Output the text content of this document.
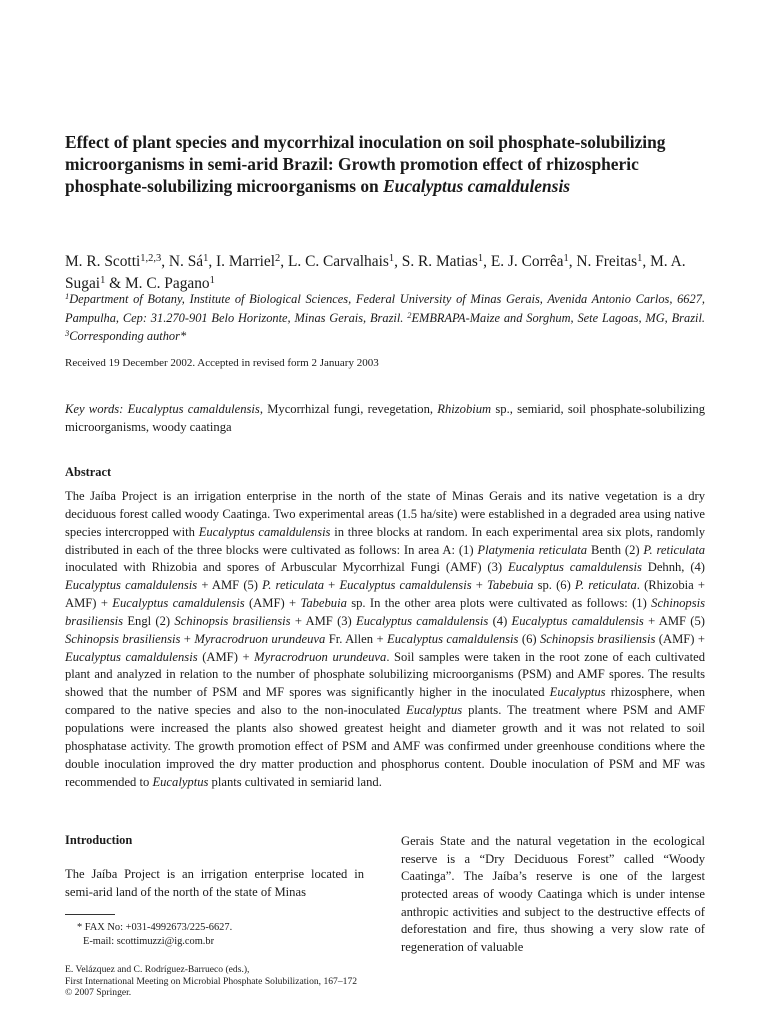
Effect of plant species and mycorrhizal inoculation on soil phosphate-solubilizing microorganisms in semi-arid Brazil: Growth promotion effect of rhizospheric phosphate-solubilizing microorganisms on Eucalyptus camaldulensis
M. R. Scotti$^{1,2,3}$, N. $Sá^1$, I. Marriel$^2$, L. C. Carvalhais$^1$, S. R. Matias$^1$, E. J. Corrêa$^1$, N. Freitas$^1$, M. A. Sugai$^1$ & M. C. Pagano$^1$
$^1$Department of Botany, Institute of Biological Sciences, Federal University of Minas Gerais, Avenida Antonio Carlos, 6627, Pampulha, Cep: 31.270-901 Belo Horizonte, Minas Gerais, Brazil. $^2$EMBRAPA-Maize and Sorghum, Sete Lagoas, MG, Brazil. $^3$Corresponding author*
Received 19 December 2002. Accepted in revised form 2 January 2003
Key words: Eucalyptus camaldulensis, Mycorrhizal fungi, revegetation, Rhizobium sp., semiarid, soil phosphate-solubilizing microorganisms, woody caatinga
Abstract

The Jaíba Project is an irrigation enterprise in the north of the state of Minas Gerais and its native vegetation is a dry deciduous forest called woody Caatinga. Two experimental areas (1.5 ha/site) were established in a degraded area using native species intercropped with Eucalyptus camaldulensis in three blocks at random. In each experimental area six plots, randomly distributed in each of the three blocks were cultivated as follows: In area A: (1) Platymenia reticulata Benth (2) P. reticulata inoculated with Rhizobia and spores of Arbuscular Mycorrhizal Fungi (AMF) (3) Eucalyptus camaldulensis Dehnh, (4) Eucalyptus camaldulensis + AMF (5) P. reticulata + Eucalyptus camaldulensis + Tabebuia sp. (6) P. reticulata. (Rhizobia + AMF) + Eucalyptus camaldulensis (AMF) + Tabebuia sp. In the other area plots were cultivated as follows: (1) Schinopsis brasiliensis Engl (2) Schinopsis brasiliensis + AMF (3) Eucalyptus camaldulensis (4) Eucalyptus camaldulensis + AMF (5) Schinopsis brasiliensis + Myracrodruon urundeuva Fr. Allen + Eucalyptus camaldulensis (6) Schinopsis brasiliensis (AMF) + Eucalyptus camaldulensis (AMF) + Myracrodruon urundeuva. Soil samples were taken in the root zone of each cultivated plant and analyzed in relation to the number of phosphate solubilizing microorganisms (PSM) and AMF spores. The results showed that the number of PSM and MF spores was significantly higher in the inoculated Eucalyptus rhizosphere, when compared to the native species and also to the non-inoculated Eucalyptus plants. The treatment where PSM and AMF populations were increased the plants also showed greatest height and diameter growth and it was not related to soil phosphatase activity. The growth promotion effect of PSM and AMF was confirmed under greenhouse conditions where the double inoculation improved the dry matter production and phosphorus content. Double inoculation of PSM and MF was recommended to Eucalyptus plants cultivated in semiarid land.

Introduction

The Jaíba Project is an irrigation enterprise located in semi-arid land of the north of the state of Minas

Gerais State and the natural vegetation in the ecological reserve is a “Dry Deciduous Forest” called “Woody Caatinga”. The Jaíba’s reserve is one of the largest protected areas of woody Caatinga which is under intense anthropic activities and subject to the destructive effects of deforestation and fire, thus showing a very slow rate of regeneration of valuable

* FAX No: +031-4992673/225-6627.
E-mail: scottimuzzi@ig.com.br
E. Velázquez and C. Rodríguez-Barrueco (eds.),
First International Meeting on Microbial Phosphate Solubilization, 167–172
© 2007 Springer.
